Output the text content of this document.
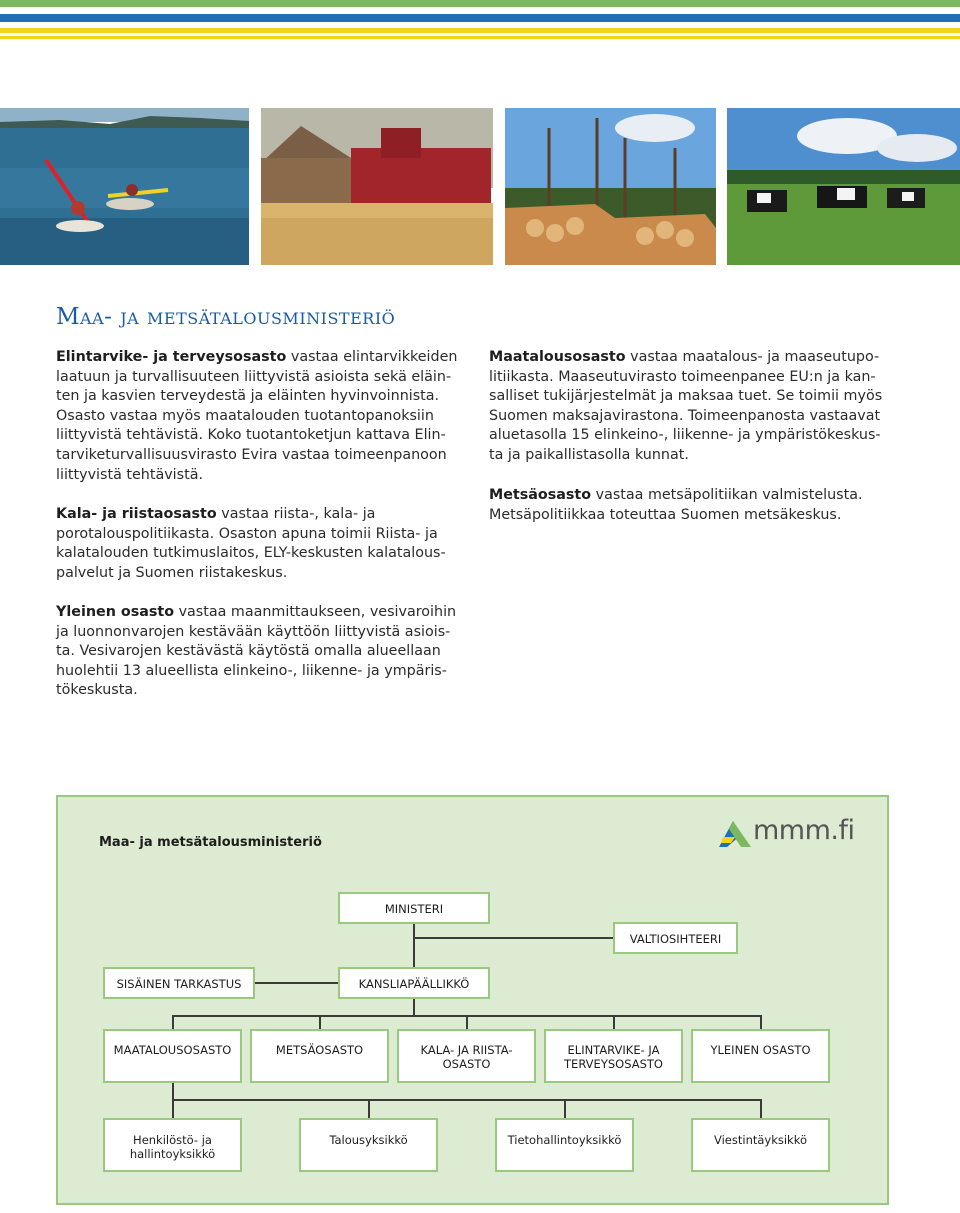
Maa- ja metsätalousministeriö

Elintarvike- ja terveysosasto vastaa elintarvikkeiden laatuun ja turvallisuuteen liittyvistä asioista sekä eläin-ten ja kasvien terveydestä ja eläinten hyvinvoinnista. Osasto vastaa myös maatalouden tuotantopanoksiin liittyvistä tehtävistä. Koko tuotantoketjun kattava Elin-tarviketurvallisuusvirasto Evira vastaa toimeenpanoon liittyvistä tehtävistä.

Kala- ja riistaosasto vastaa riista-, kala- ja porotalouspolitiikasta. Osaston apuna toimii Riista- ja kalatalouden tutkimuslaitos, ELY-keskusten kalatalous-palvelut ja Suomen riistakeskus.

Yleinen osasto vastaa maanmittaukseen, vesivaroihin ja luonnonvarojen kestävään käyttöön liittyvistä asiois-ta. Vesivarojen kestävästä käytöstä omalla alueellaan huolehtii 13 alueellista elinkeino-, liikenne- ja ympäris-tökeskusta.

Maatalousosasto vastaa maatalous- ja maaseutupo-litiikasta. Maaseutuvirasto toimeenpanee EU:n ja kan-salliset tukijärjestelmät ja maksaa tuet. Se toimii myös Suomen maksajavirastona. Toimeenpanosta vastaavat aluetasolla 15 elinkeino-, liikenne- ja ympäristökeskus-ta ja paikallistasolla kunnat.

Metsäosasto vastaa metsäpolitiikan valmistelusta. Metsäpolitiikkaa toteuttaa Suomen metsäkeskus.

Maa- ja metsätalousministeriö	mmm.fi
MINISTERI
VALTIOSIHTEERI
SISÄINEN TARKASTUS	KANSLIAPÄÄLLIKKÖ
MAATALOUSOSASTO	METSÄOSASTO	KALA- JA RIISTA-
OSASTO
ELINTARVIKE- JA
TERVEYSOSASTO
YLEINEN OSASTO
Henkilöstö- ja
hallintoyksikkö
Talousyksikkö	Tietohallintoyksikkö	Viestintäyksikkö
